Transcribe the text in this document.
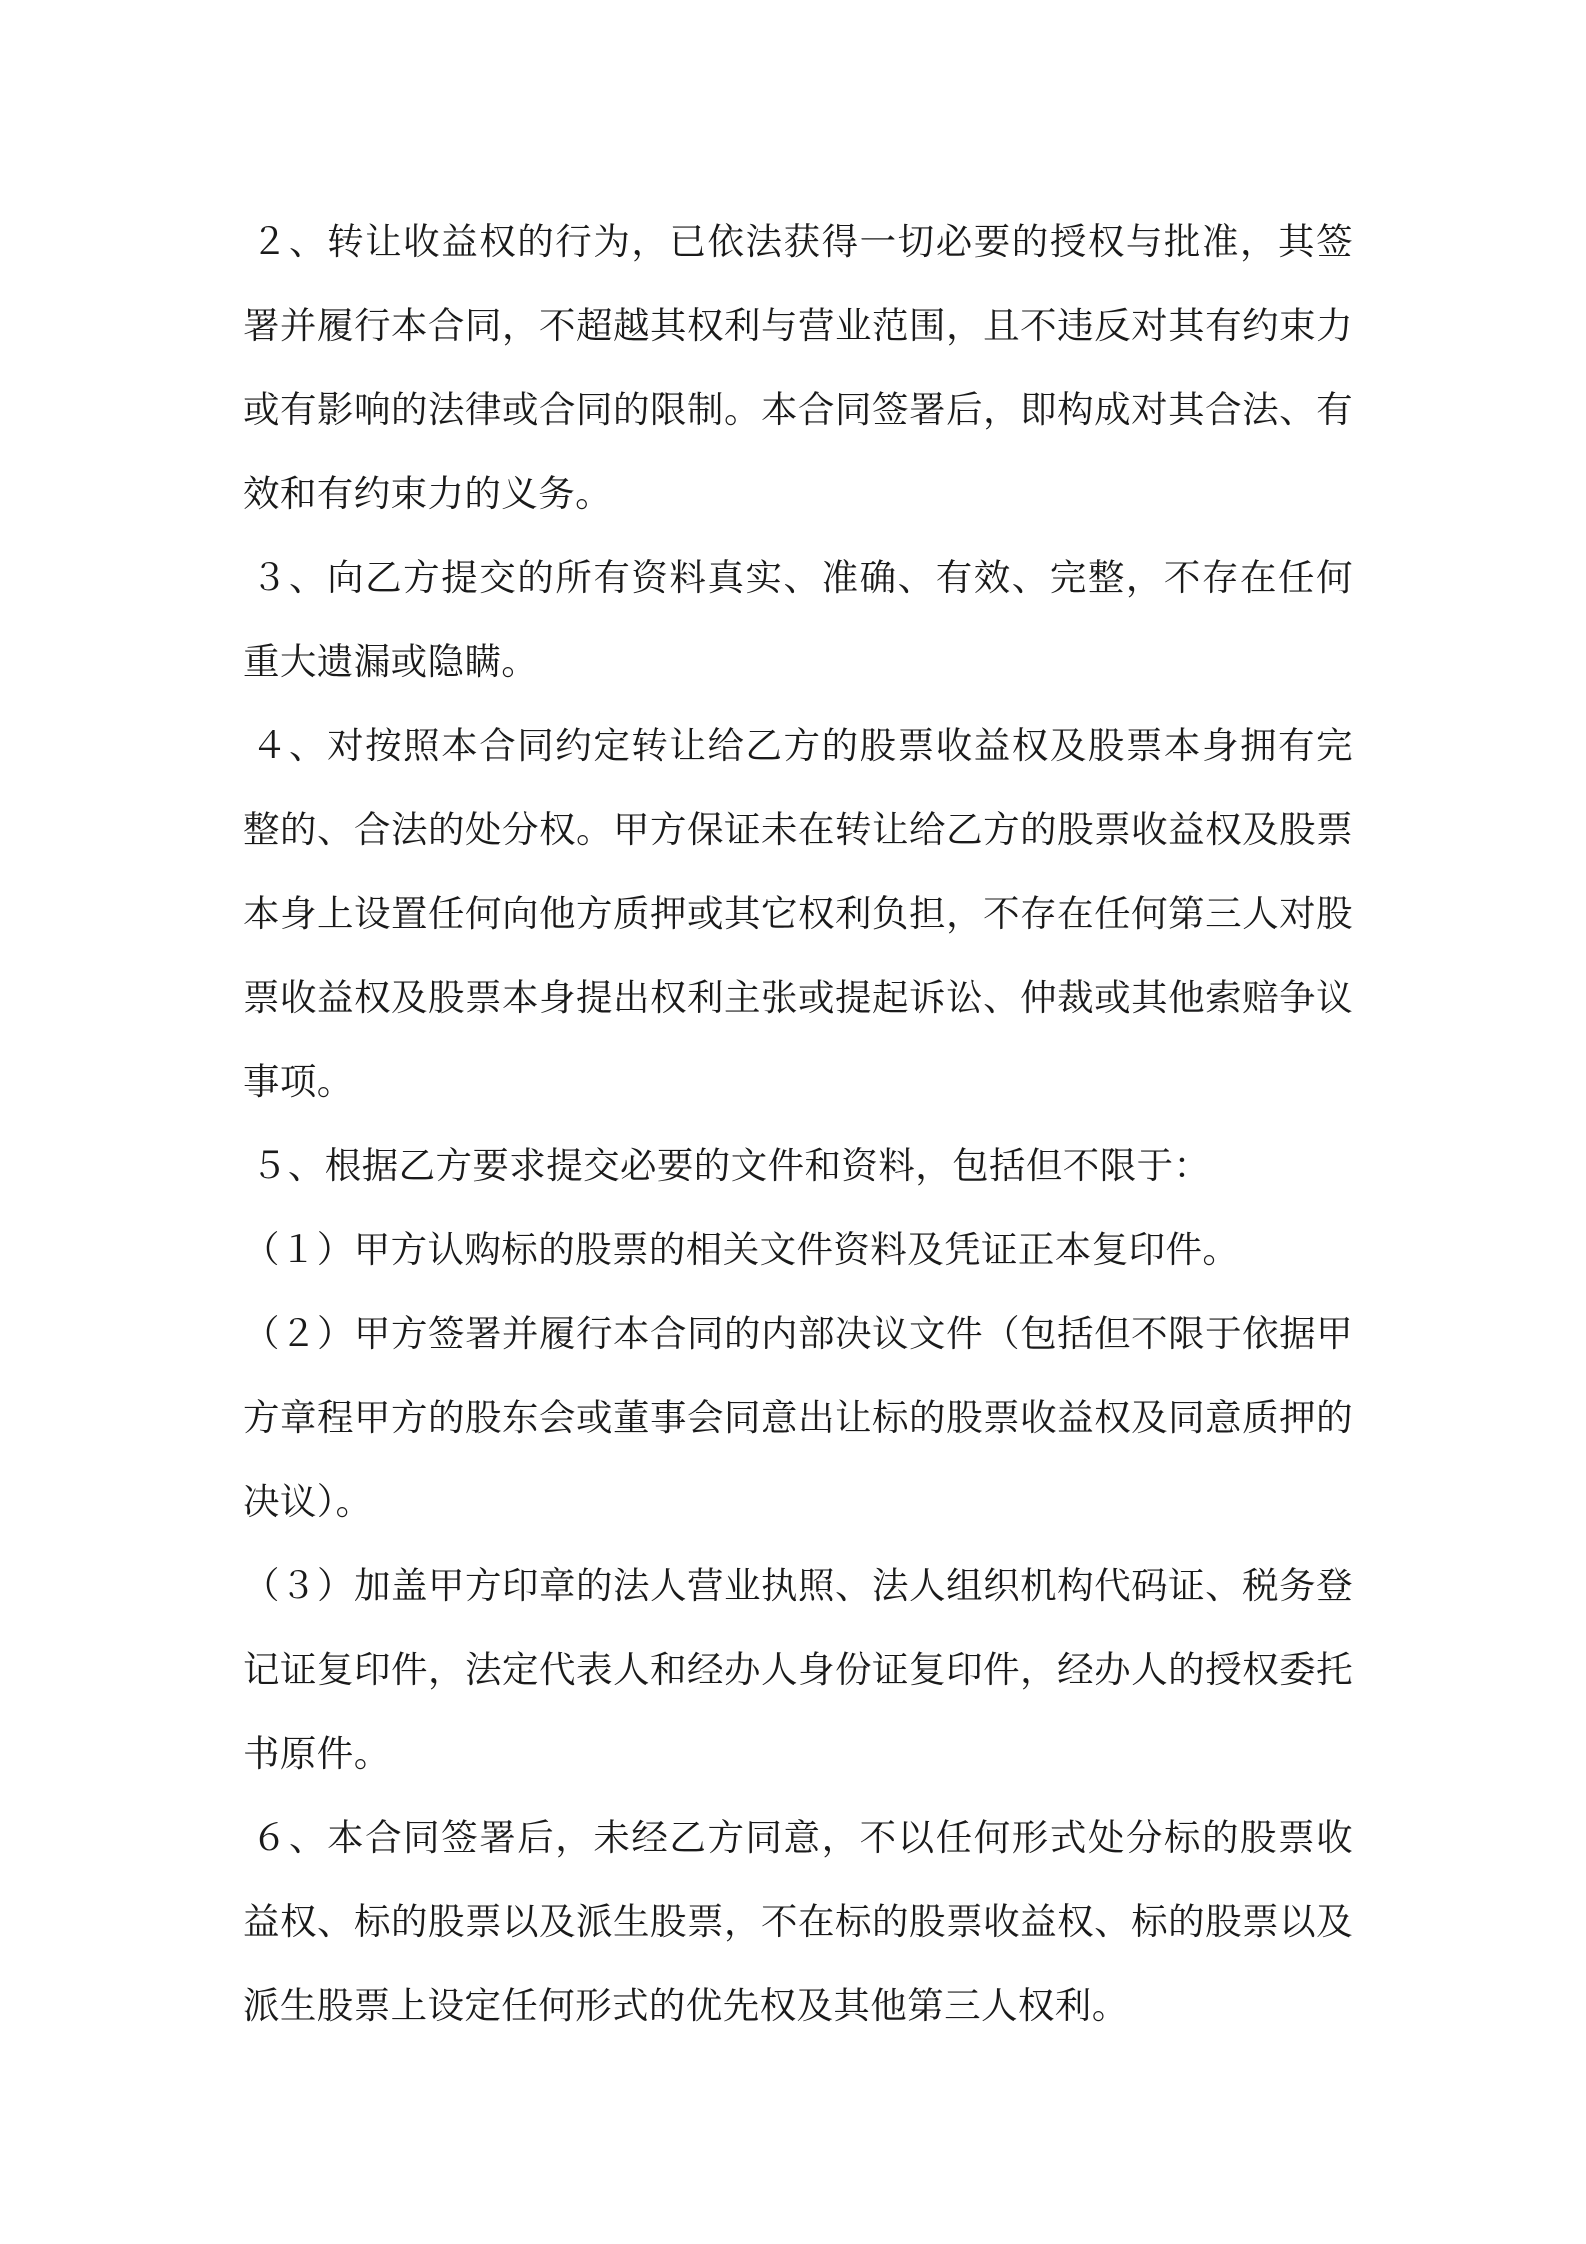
２、转让收益权的行为，已依法获得一切必要的授权与批准，其签署并履行本合同，不超越其权利与营业范围，且不违反对其有约束力或有影响的法律或合同的限制。本合同签署后，即构成对其合法、有效和有约束力的义务。

３、向乙方提交的所有资料真实、准确、有效、完整，不存在任何重大遗漏或隐瞒。

４、对按照本合同约定转让给乙方的股票收益权及股票本身拥有完整的、合法的处分权。甲方保证未在转让给乙方的股票收益权及股票本身上设置任何向他方质押或其它权利负担，不存在任何第三人对股票收益权及股票本身提出权利主张或提起诉讼、仲裁或其他索赔争议事项。

５、根据乙方要求提交必要的文件和资料，包括但不限于：

（１）甲方认购标的股票的相关文件资料及凭证正本复印件。

（２）甲方签署并履行本合同的内部决议文件（包括但不限于依据甲方章程甲方的股东会或董事会同意出让标的股票收益权及同意质押的决议）。

（３）加盖甲方印章的法人营业执照、法人组织机构代码证、税务登记证复印件，法定代表人和经办人身份证复印件，经办人的授权委托书原件。

６、本合同签署后，未经乙方同意，不以任何形式处分标的股票收益权、标的股票以及派生股票，不在标的股票收益权、标的股票以及派生股票上设定任何形式的优先权及其他第三人权利。
